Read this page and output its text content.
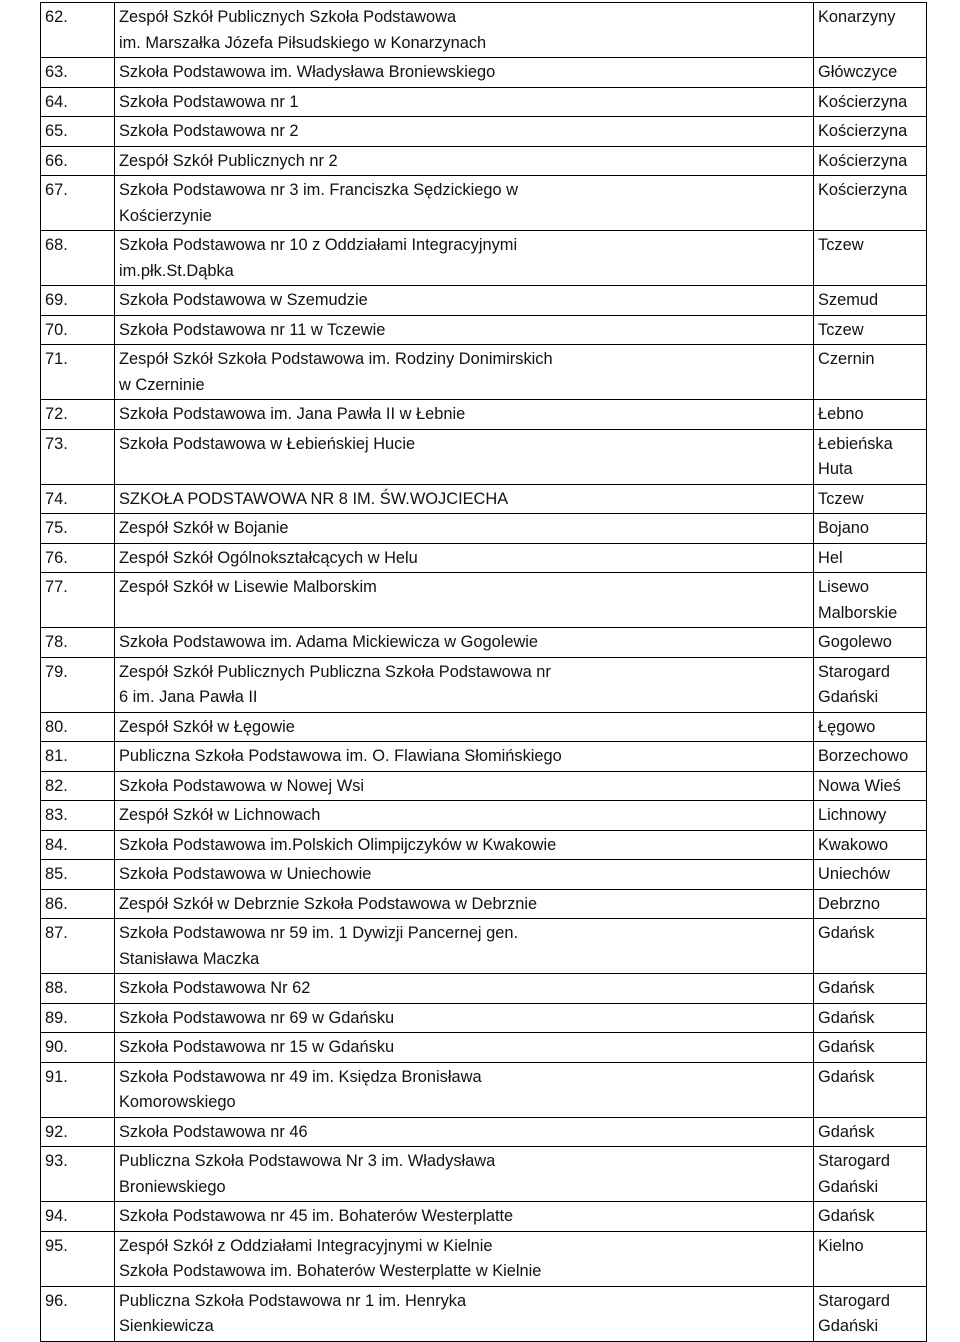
62.	Zespół Szkół Publicznych Szkoła Podstawowa
im. Marszałka Józefa Piłsudskiego w Konarzynach	Konarzyny
63.	Szkoła Podstawowa im. Władysława Broniewskiego	Główczyce
64.	Szkoła Podstawowa nr 1	Kościerzyna
65.	Szkoła Podstawowa nr 2	Kościerzyna
66.	Zespół Szkół Publicznych nr 2	Kościerzyna
67.	Szkoła Podstawowa nr 3 im. Franciszka Sędzickiego w
Kościerzynie	Kościerzyna
68.	Szkoła Podstawowa nr 10 z Oddziałami Integracyjnymi
im.płk.St.Dąbka	Tczew
69.	Szkoła Podstawowa w Szemudzie	Szemud
70.	Szkoła Podstawowa nr 11 w Tczewie	Tczew
71.	Zespół Szkół Szkoła Podstawowa im. Rodziny Donimirskich
w Czerninie	Czernin
72.	Szkoła Podstawowa im. Jana Pawła II w Łebnie	Łebno
73.	Szkoła Podstawowa w Łebieńskiej Hucie	Łebieńska
Huta
74.	SZKOŁA PODSTAWOWA NR 8 IM. ŚW.WOJCIECHA	Tczew
75.	Zespół Szkół w Bojanie	Bojano
76.	Zespół Szkół Ogólnokształcących w Helu	Hel
77.	Zespół Szkół w Lisewie Malborskim	Lisewo
Malborskie
78.	Szkoła Podstawowa im. Adama Mickiewicza w Gogolewie	Gogolewo
79.	Zespół Szkół Publicznych Publiczna Szkoła Podstawowa nr
6 im. Jana Pawła II	Starogard
Gdański
80.	Zespół Szkół w Łęgowie	Łęgowo
81.	Publiczna Szkoła Podstawowa im. O. Flawiana Słomińskiego	Borzechowo
82.	Szkoła Podstawowa w Nowej Wsi	Nowa Wieś
83.	Zespół Szkół w Lichnowach	Lichnowy
84.	Szkoła Podstawowa im.Polskich Olimpijczyków w Kwakowie	Kwakowo
85.	Szkoła Podstawowa w Uniechowie	Uniechów
86.	Zespół Szkół w Debrznie Szkoła Podstawowa w Debrznie	Debrzno
87.	Szkoła Podstawowa nr 59 im. 1 Dywizji Pancernej gen.
Stanisława Maczka	Gdańsk
88.	Szkoła Podstawowa Nr 62	Gdańsk
89.	Szkoła Podstawowa nr 69 w Gdańsku	Gdańsk
90.	Szkoła Podstawowa nr 15 w Gdańsku	Gdańsk
91.	Szkoła Podstawowa nr 49 im. Księdza Bronisława
Komorowskiego	Gdańsk
92.	Szkoła Podstawowa nr 46	Gdańsk
93.	Publiczna Szkoła Podstawowa Nr 3 im. Władysława
Broniewskiego	Starogard
Gdański
94.	Szkoła Podstawowa nr 45 im. Bohaterów Westerplatte	Gdańsk
95.	Zespół Szkół z Oddziałami Integracyjnymi w Kielnie
Szkoła Podstawowa im. Bohaterów Westerplatte w Kielnie	Kielno
96.	Publiczna Szkoła Podstawowa nr 1 im. Henryka
Sienkiewicza	Starogard
Gdański
